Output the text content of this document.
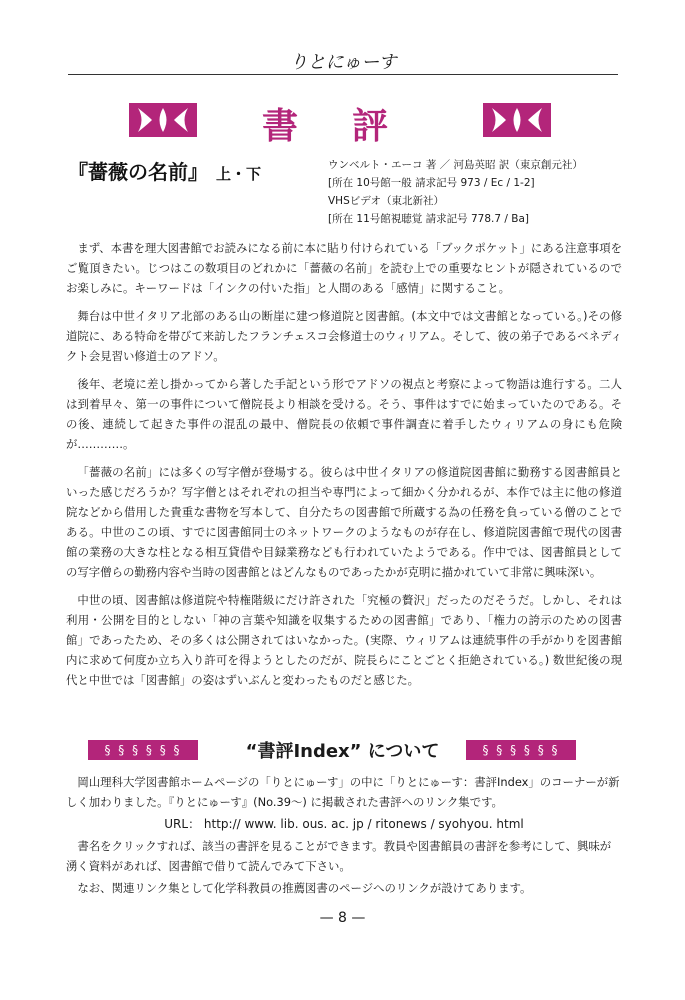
りとにゅーす
書 評
『薔薇の名前』 上・下	ウンベルト・エーコ 著 ／ 河島英昭 訳（東京創元社）
[所在 10号館一般 請求記号 973 / Ec / 1-2]
VHSビデオ（東北新社）
[所在 11号館視聴覚 請求記号 778.7 / Ba]

まず、本書を理大図書館でお読みになる前に本に貼り付けられている「ブックポケット」にある注意事項をご覧頂きたい。じつはこの数項目のどれかに「薔薇の名前」を読む上での重要なヒントが隠されているのでお楽しみに。キーワードは「インクの付いた指」と人間のある「感情」に関すること。

舞台は中世イタリア北部のある山の断崖に建つ修道院と図書館。(本文中では文書館となっている。)その修道院に、ある特命を帯びて来訪したフランチェスコ会修道士のウィリアム。そして、彼の弟子であるベネディクト会見習い修道士のアドソ。

後年、老境に差し掛かってから著した手記という形でアドソの視点と考察によって物語は進行する。二人は到着早々、第一の事件について僧院長より相談を受ける。そう、事件はすでに始まっていたのである。その後、連続して起きた事件の混乱の最中、僧院長の依頼で事件調査に着手したウィリアムの身にも危険が…………。

「薔薇の名前」には多くの写字僧が登場する。彼らは中世イタリアの修道院図書館に勤務する図書館員といった感じだろうか？写字僧とはそれぞれの担当や専門によって細かく分かれるが、本作では主に他の修道院などから借用した貴重な書物を写本して、自分たちの図書館で所蔵する為の任務を負っている僧のことである。中世のこの頃、すでに図書館同士のネットワークのようなものが存在し、修道院図書館で現代の図書館の業務の大きな柱となる相互貸借や目録業務なども行われていたようである。作中では、図書館員としての写字僧らの勤務内容や当時の図書館とはどんなものであったかが克明に描かれていて非常に興味深い。

中世の頃、図書館は修道院や特権階級にだけ許された「究極の贅沢」だったのだそうだ。しかし、それは利用・公開を目的としない「神の言葉や知識を収集するための図書館」であり、「権力の誇示のための図書館」であったため、その多くは公開されてはいなかった。(実際、ウィリアムは連続事件の手がかりを図書館内に求めて何度か立ち入り許可を得ようとしたのだが、院長らにことごとく拒絶されている。) 数世紀後の現代と中世では「図書館」の姿はずいぶんと変わったものだと感じた。

§ § § § § §	“書評Index” について	§ § § § § §

岡山理科大学図書館ホームページの「りとにゅーす」の中に「りとにゅーす：書評Index」のコーナーが新しく加わりました。『りとにゅーす』(No.39～) に掲載された書評へのリンク集です。

URL： http:// www. lib. ous. ac. jp / ritonews / syohyou. html

書名をクリックすれば、該当の書評を見ることができます。教員や図書館員の書評を参考にして、興味が湧く資料があれば、図書館で借りて読んでみて下さい。

なお、関連リンク集として化学科教員の推薦図書のページへのリンクが設けてあります。

— 8 —
